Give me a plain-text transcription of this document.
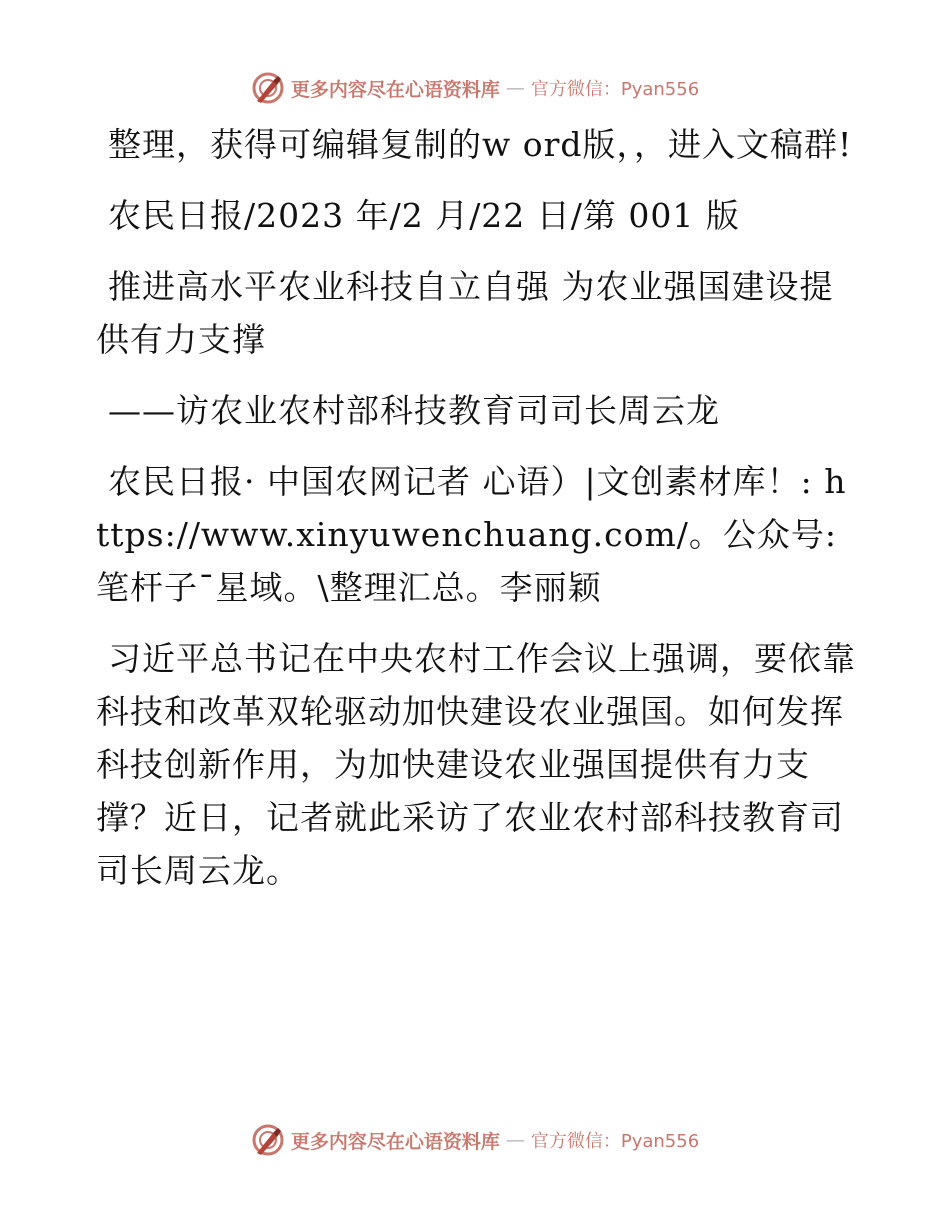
更多内容尽在心语资料库 — 官方微信：Pyan556

整理，获得可编辑复制的w ord版，，进入文稿群!

农民日报/2023 年/2 月/22 日/第 001 版

推进高水平农业科技自立自强 为农业强国建设提供有力支撑

——访农业农村部科技教育司司长周云龙

农民日报· 中国农网记者 心语）|文创素材库！: https://www.xinyuwenchuang.com/。公众号: 笔杆子¯星域。\整理汇总。李丽颖

习近平总书记在中央农村工作会议上强调，要依靠科技和改革双轮驱动加快建设农业强国。如何发挥科技创新作用，为加快建设农业强国提供有力支撑？近日，记者就此采访了农业农村部科技教育司司长周云龙。

更多内容尽在心语资料库 — 官方微信：Pyan556
